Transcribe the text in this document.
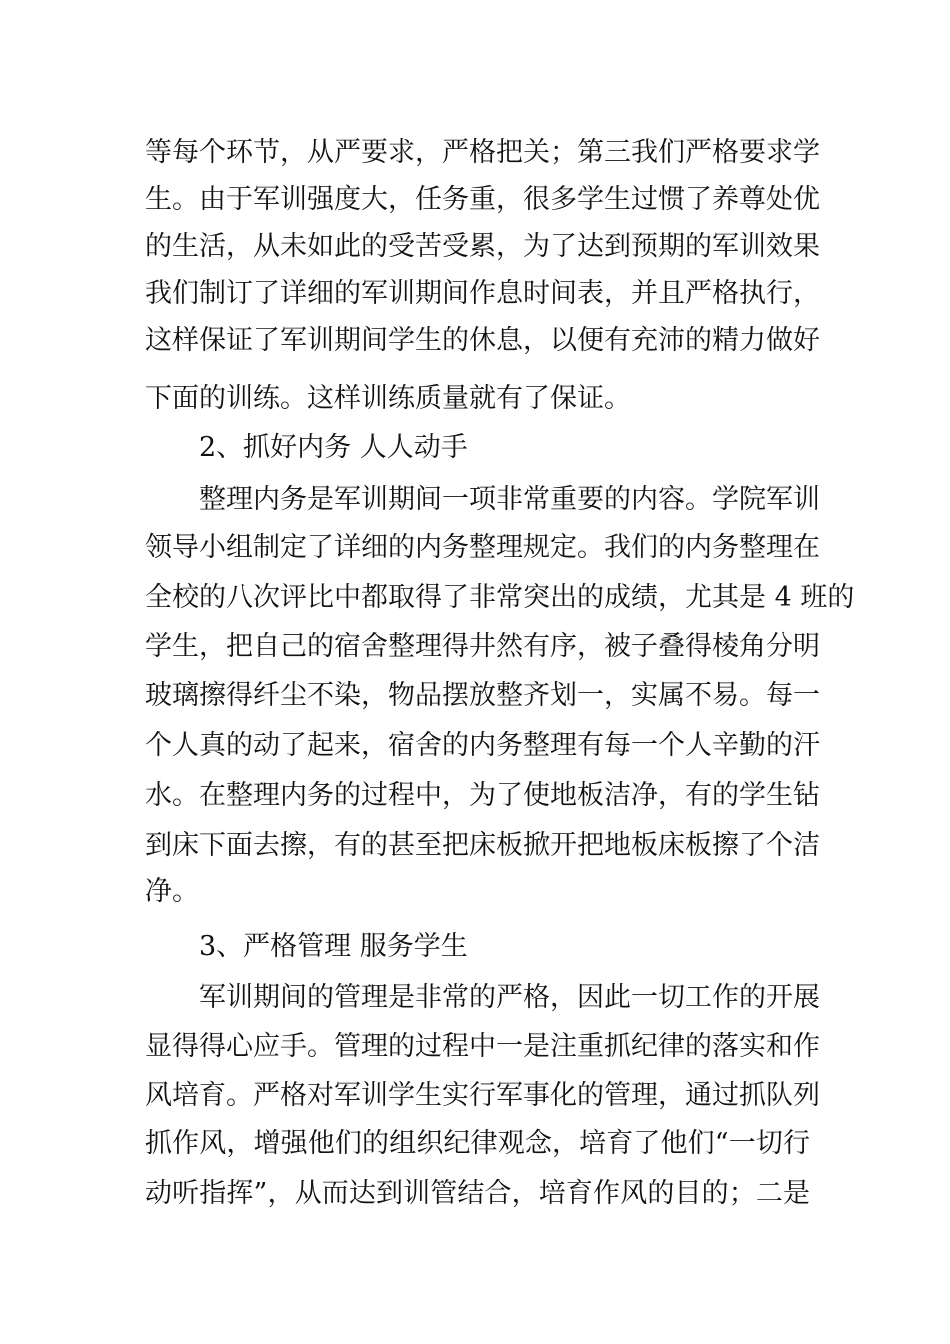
等每个环节，从严要求，严格把关；第三我们严格要求学
生。由于军训强度大，任务重，很多学生过惯了养尊处优
的生活，从未如此的受苦受累，为了达到预期的军训效果
我们制订了详细的军训期间作息时间表，并且严格执行，
这样保证了军训期间学生的休息，以便有充沛的精力做好
下面的训练。这样训练质量就有了保证。
2、抓好内务 人人动手
整理内务是军训期间一项非常重要的内容。学院军训
领导小组制定了详细的内务整理规定。我们的内务整理在
全校的八次评比中都取得了非常突出的成绩，尤其是 4 班的
学生，把自己的宿舍整理得井然有序，被子叠得棱角分明
玻璃擦得纤尘不染，物品摆放整齐划一，实属不易。每一
个人真的动了起来，宿舍的内务整理有每一个人辛勤的汗
水。在整理内务的过程中，为了使地板洁净，有的学生钻
到床下面去擦，有的甚至把床板掀开把地板床板擦了个洁
净。
3、严格管理 服务学生
军训期间的管理是非常的严格，因此一切工作的开展
显得得心应手。管理的过程中一是注重抓纪律的落实和作
风培育。严格对军训学生实行军事化的管理，通过抓队列
抓作风，增强他们的组织纪律观念，培育了他们“一切行
动听指挥”，从而达到训管结合，培育作风的目的；二是
